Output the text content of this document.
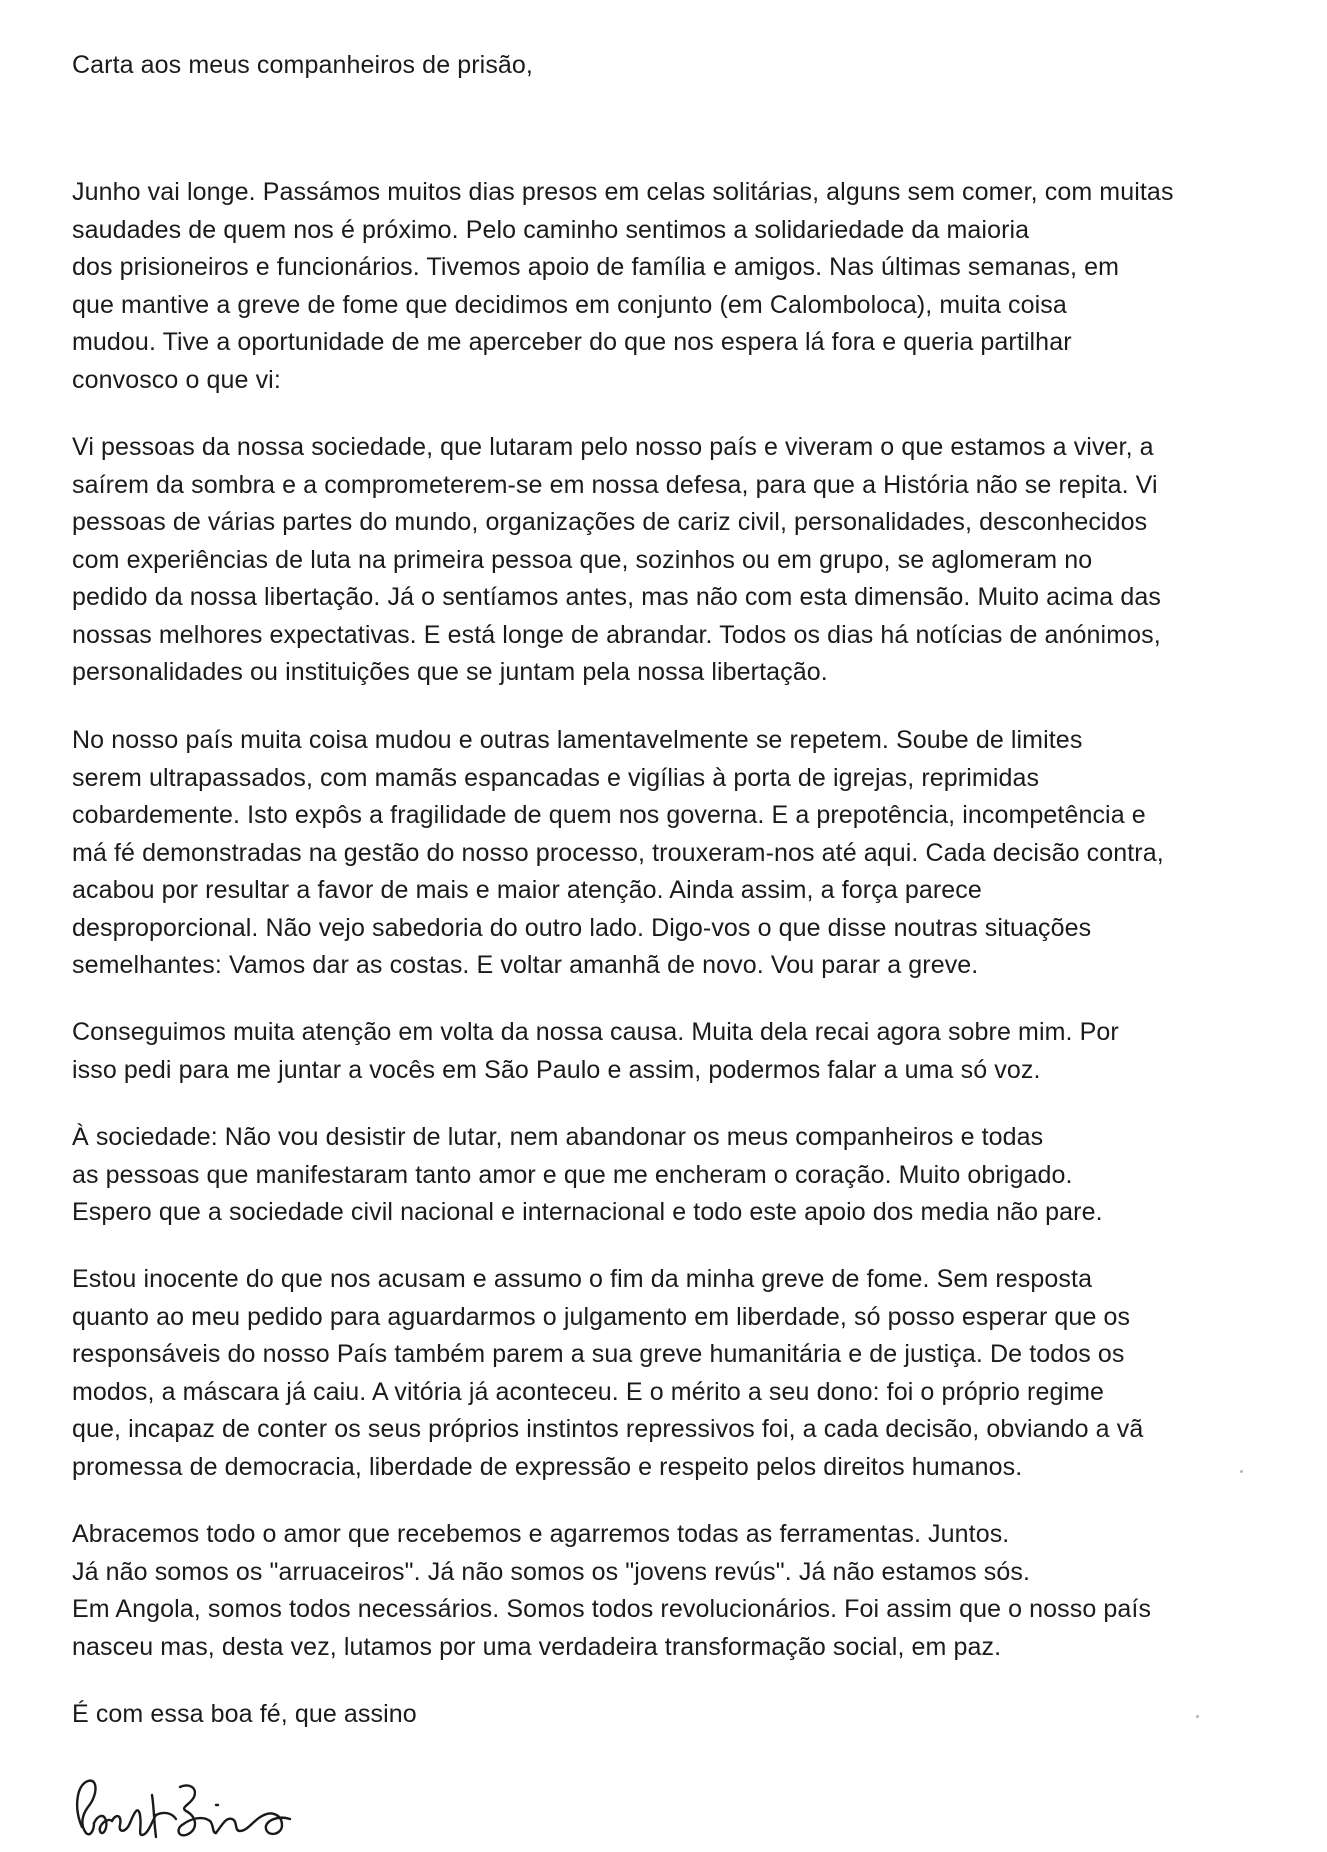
Carta aos meus companheiros de prisão,
Junho vai longe. Passámos muitos dias presos em celas solitárias, alguns sem comer, com muitas
saudades de quem nos é próximo. Pelo caminho sentimos a solidariedade da maioria
dos prisioneiros e funcionários. Tivemos apoio de família e amigos. Nas últimas semanas, em
que mantive a greve de fome que decidimos em conjunto (em Calomboloca), muita coisa
mudou. Tive a oportunidade de me aperceber do que nos espera lá fora e queria partilhar
convosco o que vi:
Vi pessoas da nossa sociedade, que lutaram pelo nosso país e viveram o que estamos a viver, a
saírem da sombra e a comprometerem-se em nossa defesa, para que a História não se repita. Vi
pessoas de várias partes do mundo, organizações de cariz civil, personalidades, desconhecidos
com experiências de luta na primeira pessoa que, sozinhos ou em grupo, se aglomeram no
pedido da nossa libertação. Já o sentíamos antes, mas não com esta dimensão. Muito acima das
nossas melhores expectativas. E está longe de abrandar. Todos os dias há notícias de anónimos,
personalidades ou instituições que se juntam pela nossa libertação.
No nosso país muita coisa mudou e outras lamentavelmente se repetem. Soube de limites
serem ultrapassados, com mamãs espancadas e vigílias à porta de igrejas, reprimidas
cobardemente. Isto expôs a fragilidade de quem nos governa. E a prepotência, incompetência e
má fé demonstradas na gestão do nosso processo, trouxeram-nos até aqui. Cada decisão contra,
acabou por resultar a favor de mais e maior atenção. Ainda assim, a força parece
desproporcional. Não vejo sabedoria do outro lado. Digo-vos o que disse noutras situações
semelhantes: Vamos dar as costas. E voltar amanhã de novo. Vou parar a greve.
Conseguimos muita atenção em volta da nossa causa. Muita dela recai agora sobre mim. Por
isso pedi para me juntar a vocês em São Paulo e assim, podermos falar a uma só voz.
À sociedade: Não vou desistir de lutar, nem abandonar os meus companheiros e todas
as pessoas que manifestaram tanto amor e que me encheram o coração. Muito obrigado.
Espero que a sociedade civil nacional e internacional e todo este apoio dos media não pare.
Estou inocente do que nos acusam e assumo o fim da minha greve de fome. Sem resposta
quanto ao meu pedido para aguardarmos o julgamento em liberdade, só posso esperar que os
responsáveis do nosso País também parem a sua greve humanitária e de justiça. De todos os
modos, a máscara já caiu. A vitória já aconteceu. E o mérito a seu dono: foi o próprio regime
que, incapaz de conter os seus próprios instintos repressivos foi, a cada decisão, obviando a vã
promessa de democracia, liberdade de expressão e respeito pelos direitos humanos.
Abracemos todo o amor que recebemos e agarremos todas as ferramentas. Juntos.
Já não somos os "arruaceiros". Já não somos os "jovens revús". Já não estamos sós.
Em Angola, somos todos necessários. Somos todos revolucionários. Foi assim que o nosso país
nasceu mas, desta vez, lutamos por uma verdadeira transformação social, em paz.
É com essa boa fé, que assino
